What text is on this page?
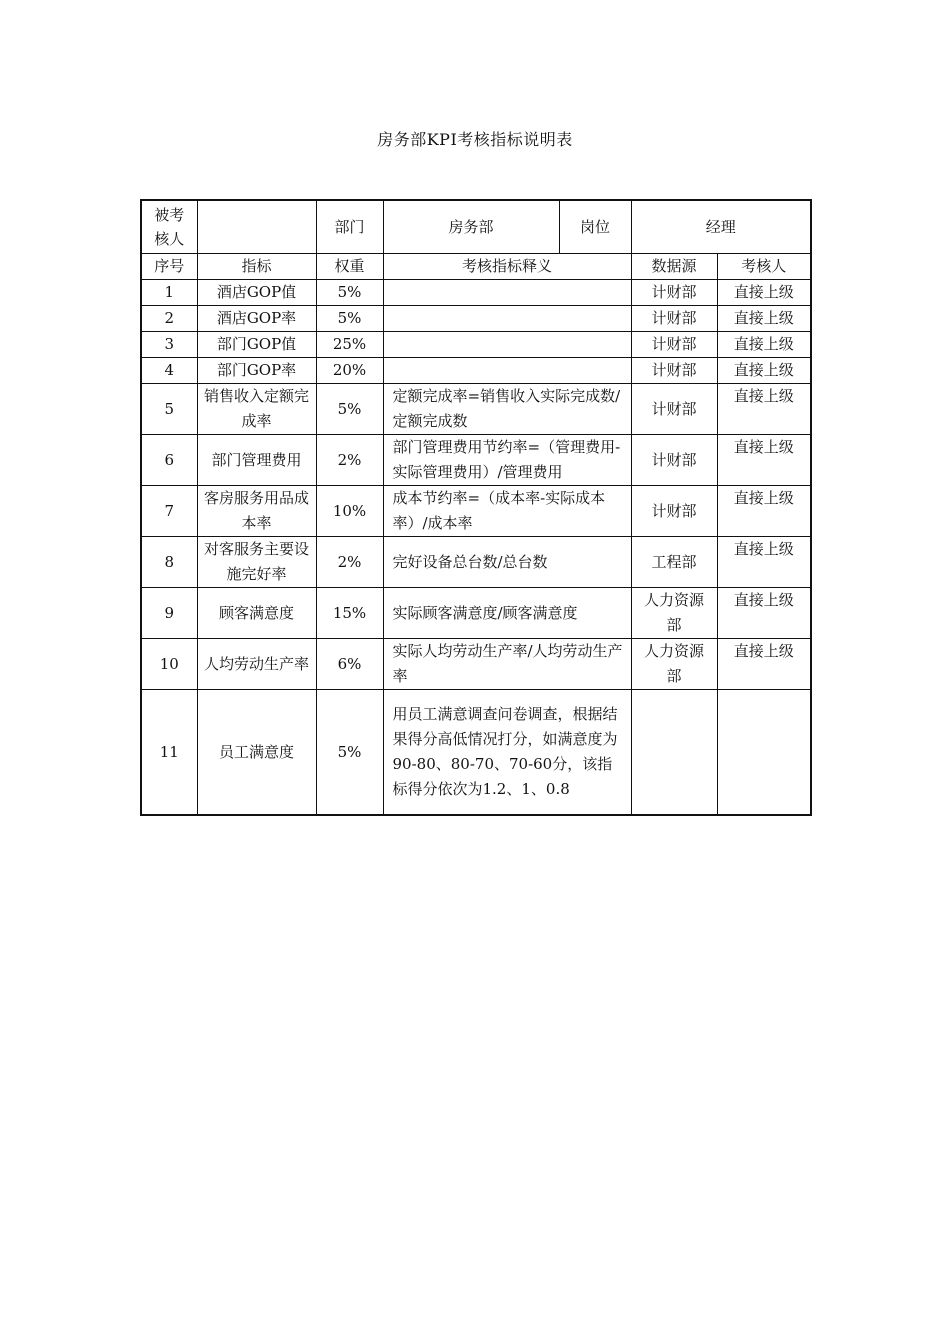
房务部KPI考核指标说明表
被考核人		部门	房务部	岗位	经理	
序号	指标	权重	考核指标释义		数据源	考核人
1	酒店GOP值	5%			计财部	直接上级
2	酒店GOP率	5%			计财部	直接上级
3	部门GOP值	25%			计财部	直接上级
4	部门GOP率	20%			计财部	直接上级
5	销售收入定额完成率	5%	定额完成率=销售收入实际完成数/定额完成数		计财部	直接上级
6	部门管理费用	2%	部门管理费用节约率=（管理费用-实际管理费用）/管理费用		计财部	直接上级
7	客房服务用品成本率	10%	成本节约率=（成本率-实际成本率）/成本率		计财部	直接上级
8	对客服务主要设施完好率	2%	完好设备总台数/总台数		工程部	直接上级
9	顾客满意度	15%	实际顾客满意度/顾客满意度		人力资源部	直接上级
10	人均劳动生产率	6%	实际人均劳动生产率/人均劳动生产率		人力资源部	直接上级
11	员工满意度	5%	用员工满意调查问卷调查，根据结果得分高低情况打分，如满意度为90-80、80-70、70-60分，该指标得分依次为1.2、1、0.8			
